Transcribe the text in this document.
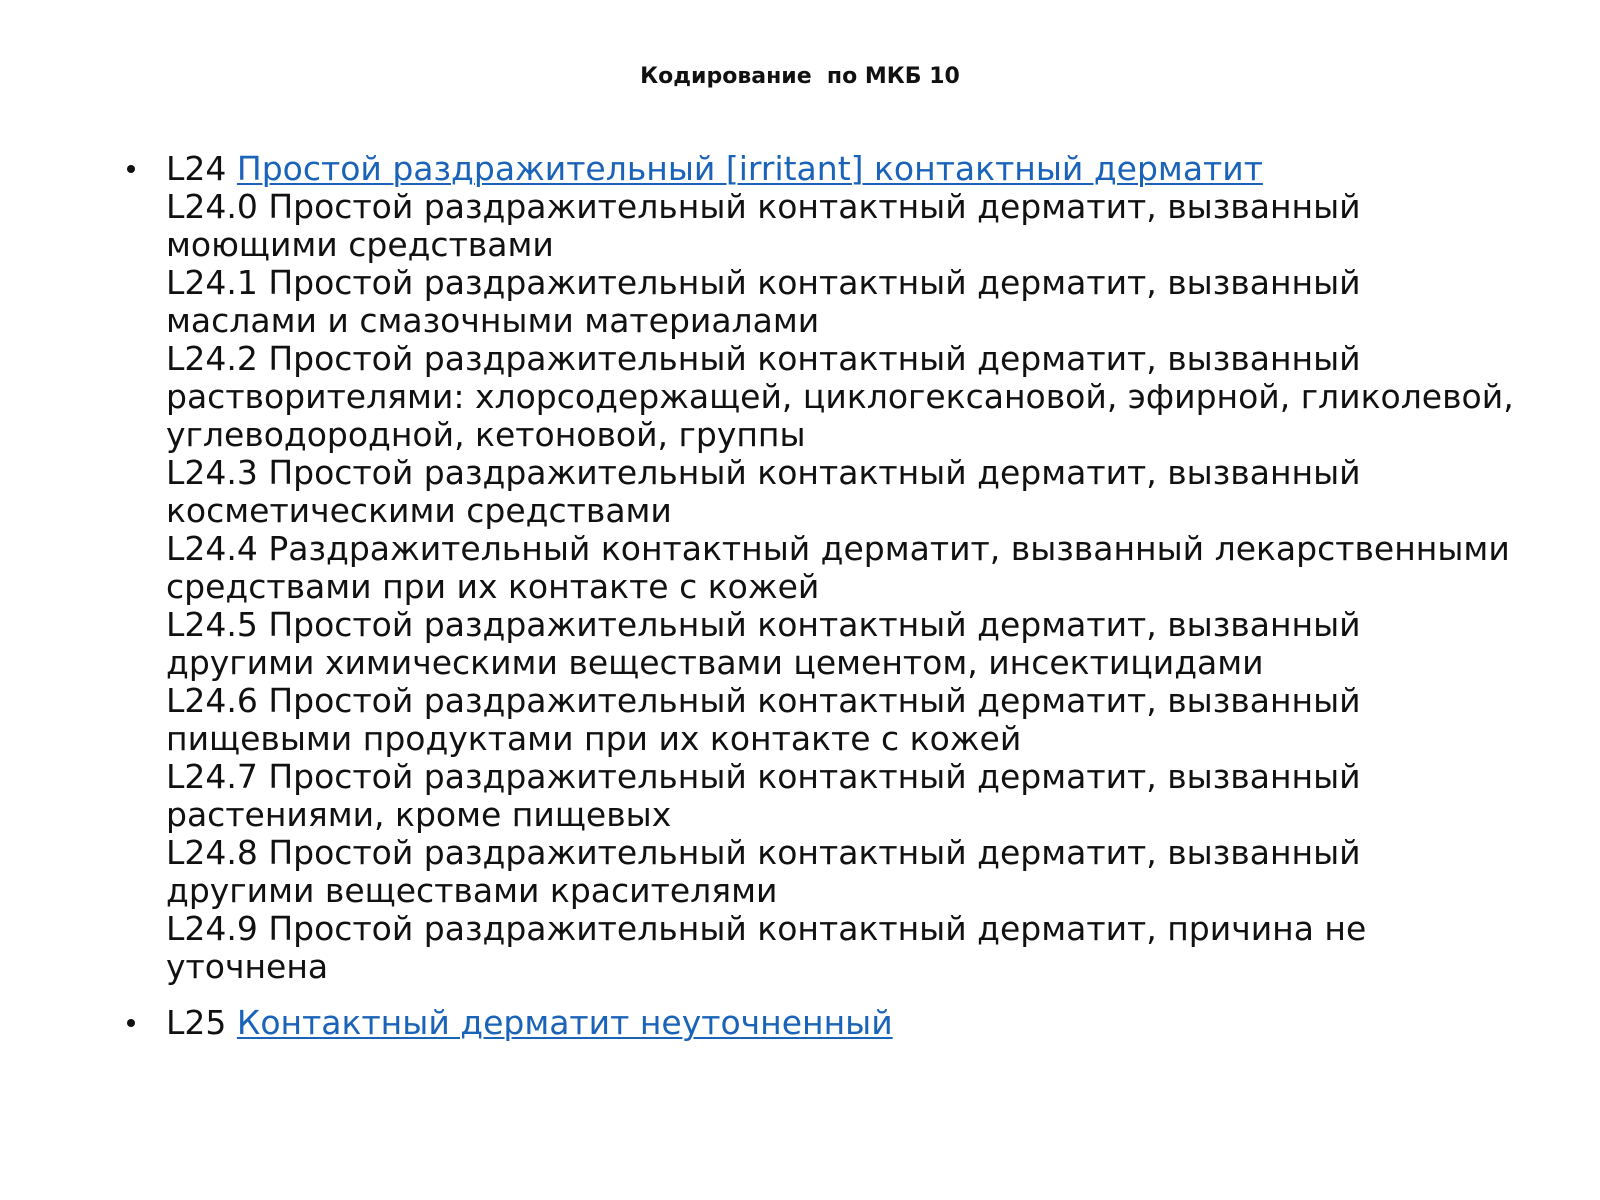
Кодирование  по МКБ 10
L24 Простой раздражительный [irritant] контактный дерматит
L24.0 Простой раздражительный контактный дерматит, вызванный моющими средствами
L24.1 Простой раздражительный контактный дерматит, вызванный маслами и смазочными материалами
L24.2 Простой раздражительный контактный дерматит, вызванный растворителями: хлорсодержащей, циклогексановой, эфирной, гликолевой, углеводородной, кетоновой, группы
L24.3 Простой раздражительный контактный дерматит, вызванный косметическими средствами
L24.4 Раздражительный контактный дерматит, вызванный лекарственными средствами при их контакте с кожей
L24.5 Простой раздражительный контактный дерматит, вызванный другими химическими веществами цементом, инсектицидами
L24.6 Простой раздражительный контактный дерматит, вызванный пищевыми продуктами при их контакте с кожей
L24.7 Простой раздражительный контактный дерматит, вызванный растениями, кроме пищевых
L24.8 Простой раздражительный контактный дерматит, вызванный другими веществами красителями
L24.9 Простой раздражительный контактный дерматит, причина не уточнена
L25 Контактный дерматит неуточненный
